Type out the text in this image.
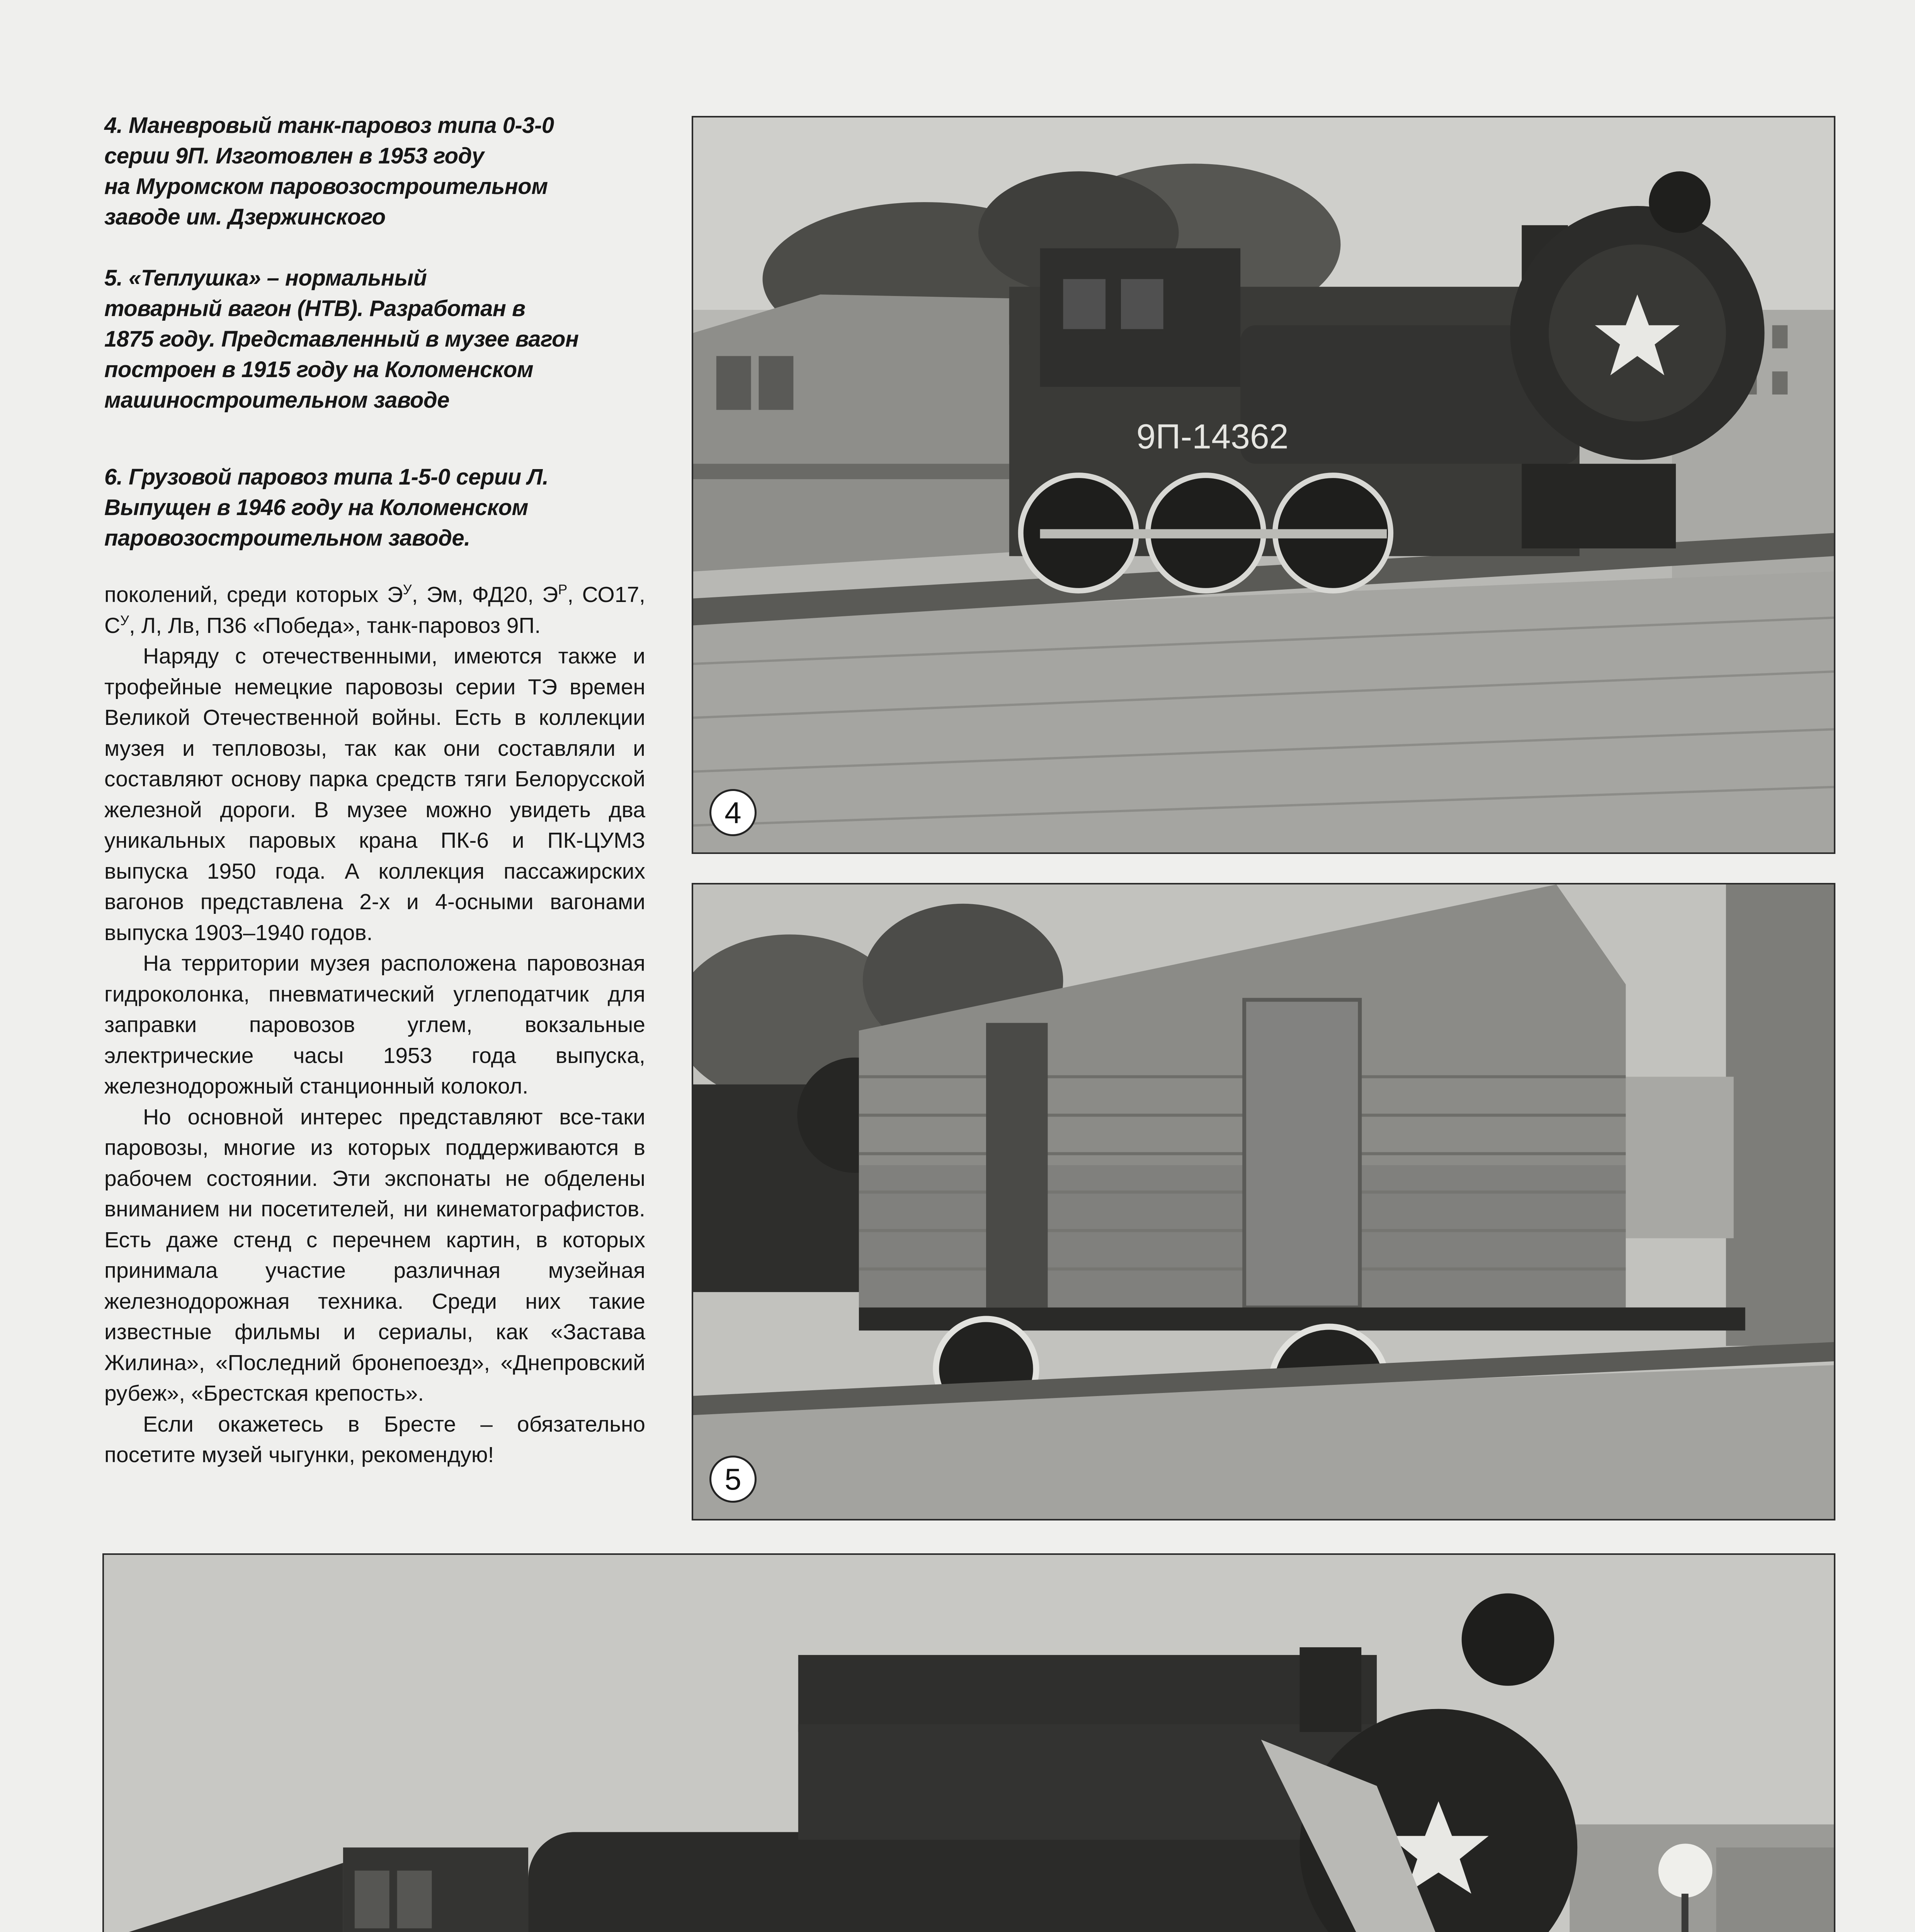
4. Маневровый танк-паровоз типа 0-3-0

серии 9П. Изготовлен в 1953 году

на Муромском паровозостроительном

заводе им. Дзержинского

5. «Теплушка» – нормальный

товарный вагон (НТВ). Разработан в

1875 году. Представленный в музее вагон

построен в 1915 году на Коломенском

машиностроительном заводе

6. Грузовой паровоз типа 1-5-0 серии Л.

Выпущен в 1946 году на Коломенском

паровозостроительном заводе.

поколений, среди которых $Э^У$, Эм, ФД20, $Э^Р$, СО17, $С^У$, Л, Лв, П36 «Победа», танк-паровоз 9П.

Наряду с отечественными, имеются также и трофейные немецкие паровозы серии ТЭ времен Великой Отечественной войны. Есть в коллекции музея и тепловозы, так как они составляли и составляют основу парка средств тяги Белорусской железной дороги. В музее можно увидеть два уникальных паровых крана ПК-6 и ПК-ЦУМЗ выпуска 1950 года. А коллекция пассажирских вагонов представлена 2-х и 4-осными вагонами выпуска 1903–1940 годов.

На территории музея расположена паровозная гидроколонка, пневматический углеподатчик для заправки паровозов углем, вокзальные электрические часы 1953 года выпуска, железнодорожный станционный колокол.

Но основной интерес представляют все-таки паровозы, многие из которых поддерживаются в рабочем состоянии. Эти экспонаты не обделены вниманием ни посетителей, ни кинематографистов. Есть даже стенд с перечнем картин, в которых принимала участие различная музейная железнодорожная техника. Среди них такие известные фильмы и сериалы, как «Застава Жилина», «Последний бронепоезд», «Днепровский рубеж», «Брестская крепость».

Если окажетесь в Бресте – обязательно посетите музей чыгунки, рекомендую!

9П-14362
4
5
